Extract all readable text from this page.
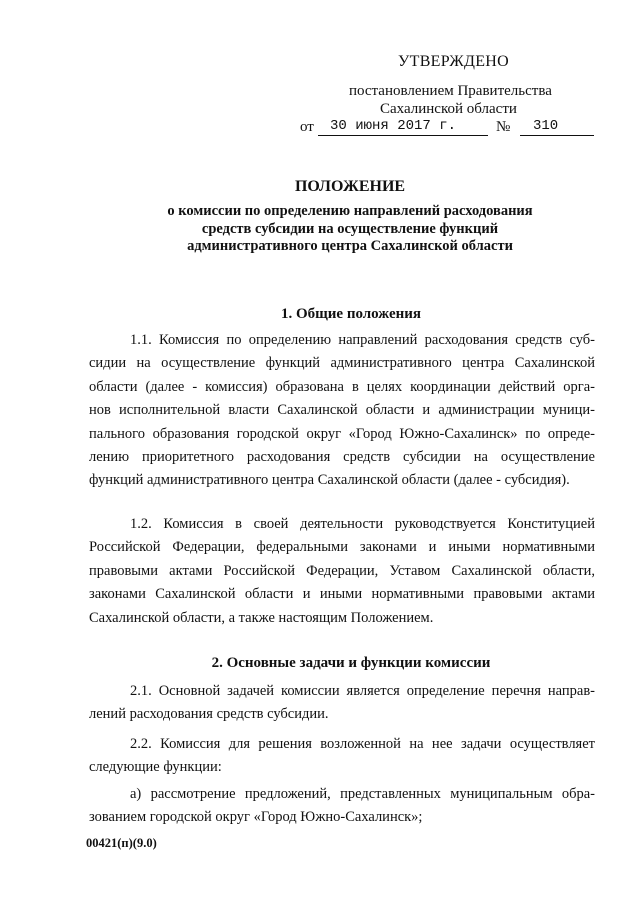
УТВЕРЖДЕНО
постановлением Правительства
Сахалинской области
от 30 июня 2017 г.	№ 310
ПОЛОЖЕНИЕ
о комиссии по определению направлений расходования
средств субсидии на осуществление функций
административного центра Сахалинской области
1. Общие положения
1.1. Комиссия по определению направлений расходования средств суб-
сидии на осуществление функций административного центра Сахалинской
области (далее - комиссия) образована в целях координации действий орга-
нов исполнительной власти Сахалинской области и администрации муници-
пального образования городской округ «Город Южно-Сахалинск» по опреде-
лению приоритетного расходования средств субсидии на осуществление
функций административного центра Сахалинской области (далее - субсидия).
1.2. Комиссия в своей деятельности руководствуется Конституцией
Российской Федерации, федеральными законами и иными нормативными
правовыми актами Российской Федерации, Уставом Сахалинской области,
законами Сахалинской области и иными нормативными правовыми актами
Сахалинской области, а также настоящим Положением.
2. Основные задачи и функции комиссии
2.1. Основной задачей комиссии является определение перечня направ-
лений расходования средств субсидии.
2.2. Комиссия для решения возложенной на нее задачи осуществляет
следующие функции:
а) рассмотрение предложений, представленных муниципальным обра-
зованием городской округ «Город Южно-Сахалинск»;
00421(п)(9.0)
